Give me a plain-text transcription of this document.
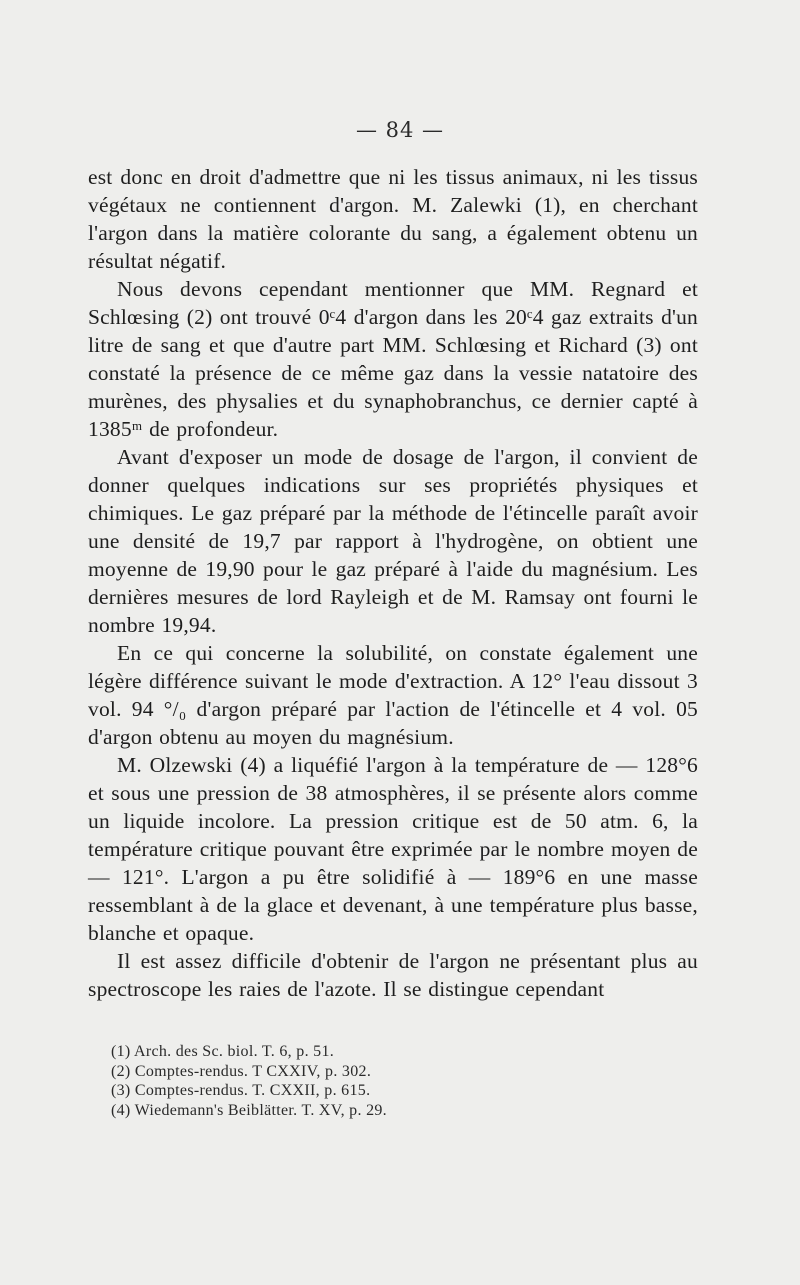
— 84 —

est donc en droit d'admettre que ni les tissus animaux, ni les tissus végétaux ne contiennent d'argon. M. Zalewki (1), en cherchant l'argon dans la matière colorante du sang, a également obtenu un résultat négatif.

Nous devons cependant mentionner que MM. Regnard et Schlœsing (2) ont trouvé 0ᶜ4 d'argon dans les 20ᶜ4 gaz extraits d'un litre de sang et que d'autre part MM. Schlœsing et Richard (3) ont constaté la présence de ce même gaz dans la vessie natatoire des murènes, des physalies et du synaphobranchus, ce dernier capté à 1385ᵐ de profondeur.

Avant d'exposer un mode de dosage de l'argon, il convient de donner quelques indications sur ses propriétés physiques et chimiques. Le gaz préparé par la méthode de l'étincelle paraît avoir une densité de 19,7 par rapport à l'hydrogène, on obtient une moyenne de 19,90 pour le gaz préparé à l'aide du magnésium. Les dernières mesures de lord Rayleigh et de M. Ramsay ont fourni le nombre 19,94.

En ce qui concerne la solubilité, on constate également une légère différence suivant le mode d'extraction. A 12° l'eau dissout 3 vol. 94 °/₀ d'argon préparé par l'action de l'étincelle et 4 vol. 05 d'argon obtenu au moyen du magnésium.

M. Olzewski (4) a liquéfié l'argon à la température de — 128°6 et sous une pression de 38 atmosphères, il se présente alors comme un liquide incolore. La pression critique est de 50 atm. 6, la température critique pouvant être exprimée par le nombre moyen de — 121°. L'argon a pu être solidifié à — 189°6 en une masse ressemblant à de la glace et devenant, à une température plus basse, blanche et opaque.

Il est assez difficile d'obtenir de l'argon ne présentant plus au spectroscope les raies de l'azote. Il se distingue cependant

(1) Arch. des Sc. biol. T. 6, p. 51.
(2) Comptes-rendus. T CXXIV, p. 302.
(3) Comptes-rendus. T. CXXII, p. 615.
(4) Wiedemann's Beiblätter. T. XV, p. 29.
